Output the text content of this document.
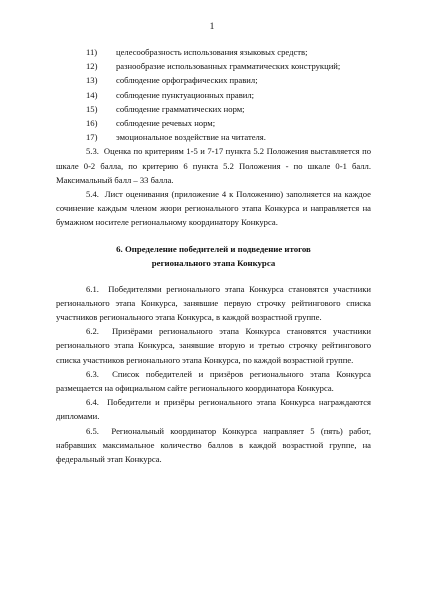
1
11)	целесообразность использования языковых средств;
12)	разнообразие использованных грамматических конструкций;
13)	соблюдение орфографических правил;
14)	соблюдение пунктуационных правил;
15)	соблюдение грамматических норм;
16)	соблюдение речевых норм;
17)	эмоциональное воздействие на читателя.

5.3.  Оценка по критериям 1-5 и 7-17 пункта 5.2 Положения выставляется по шкале 0-2 балла, по критерию 6 пункта 5.2 Положения - по шкале 0-1 балл. Максимальный балл – 33 балла.

5.4.  Лист оценивания (приложение 4 к Положению) заполняется на каждое сочинение каждым членом жюри регионального этапа Конкурса и направляется на бумажном носителе региональному координатору Конкурса.

6. Определение победителей и подведение итогов
регионального этапа Конкурса

6.1.  Победителями регионального этапа Конкурса становятся участники регионального этапа Конкурса, занявшие первую строчку рейтингового списка участников регионального этапа Конкурса, в каждой возрастной группе.

6.2.  Призёрами регионального этапа Конкурса становятся участники регионального этапа Конкурса, занявшие вторую и третью строчку рейтингового списка участников регионального этапа Конкурса, по каждой возрастной группе.

6.3.  Список победителей и призёров регионального этапа Конкурса размещается на официальном сайте регионального координатора Конкурса.

6.4.  Победители и призёры регионального этапа Конкурса награждаются дипломами.

6.5.  Региональный координатор Конкурса направляет 5 (пять) работ, набравших максимальное количество баллов в каждой возрастной группе, на федеральный этап Конкурса.
